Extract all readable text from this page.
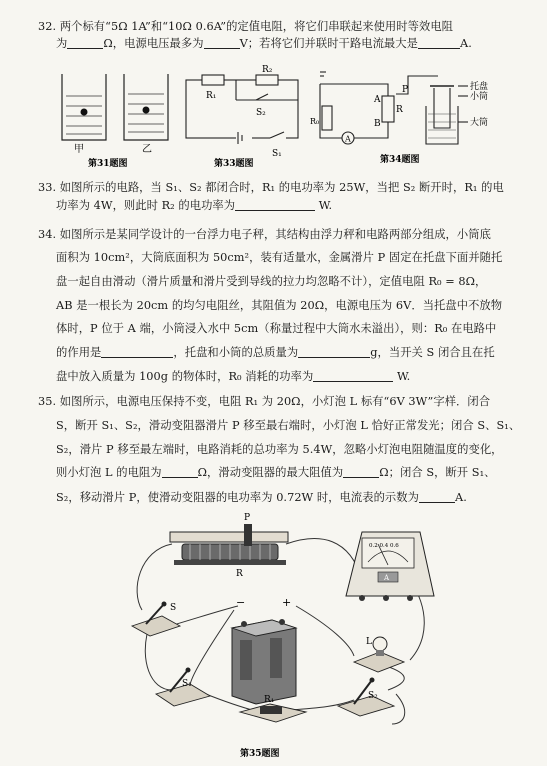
32. 两个标有“5Ω 1A”和“10Ω 0.6A”的定值电阻，将它们串联起来使用时等效电阻
为	Ω，电源电压最多为	V；若将它们并联时干路电流最大是	A.
甲	乙
第31题图
R₁
R₂
S₂
S₁
第33题图
A
R₀
R
P
A
B
托盘
小筒
大筒
第34题图
33. 如图所示的电路，当 S₁、S₂ 都闭合时，R₁ 的电功率为 25W，当把 S₂ 断开时，R₁ 的电
功率为 4W，则此时 R₂ 的电功率为	W.
34. 如图所示是某同学设计的一台浮力电子秤，其结构由浮力秤和电路两部分组成，小筒底
面积为 10cm²，大筒底面积为 50cm²，装有适量水，金属滑片 P 固定在托盘下面并随托
盘一起自由滑动（滑片质量和滑片受到导线的拉力均忽略不计），定值电阻 R₀ = 8Ω，
AB 是一根长为 20cm 的均匀电阻丝，其阻值为 20Ω，电源电压为 6V．当托盘中不放物
体时，P 位于 A 端，小筒浸入水中 5cm（称量过程中大筒水未溢出），则：R₀ 在电路中
的作用是	，托盘和小筒的总质量为	g，当开关 S 闭合且在托
盘中放入质量为 100g 的物体时，R₀ 消耗的功率为	W.
35. 如图所示，电源电压保持不变，电阻 R₁ 为 20Ω，小灯泡 L 标有“6V 3W”字样．闭合
S，断开 S₁、S₂，滑动变阻器滑片 P 移至最右端时，小灯泡 L 恰好正常发光；闭合 S、S₁、
S₂，滑片 P 移至最左端时，电路消耗的总功率为 5.4W，忽略小灯泡电阻随温度的变化，
则小灯泡 L 的电阻为	Ω，滑动变阻器的最大阻值为	Ω；闭合 S，断开 S₁、
S₂，移动滑片 P，使滑动变阻器的电功率为 0.72W 时，电流表的示数为	A.
P
R
0.2 0.4 0.6
A
S	−	+
S₁
R₁
L
S₂
第35题图
